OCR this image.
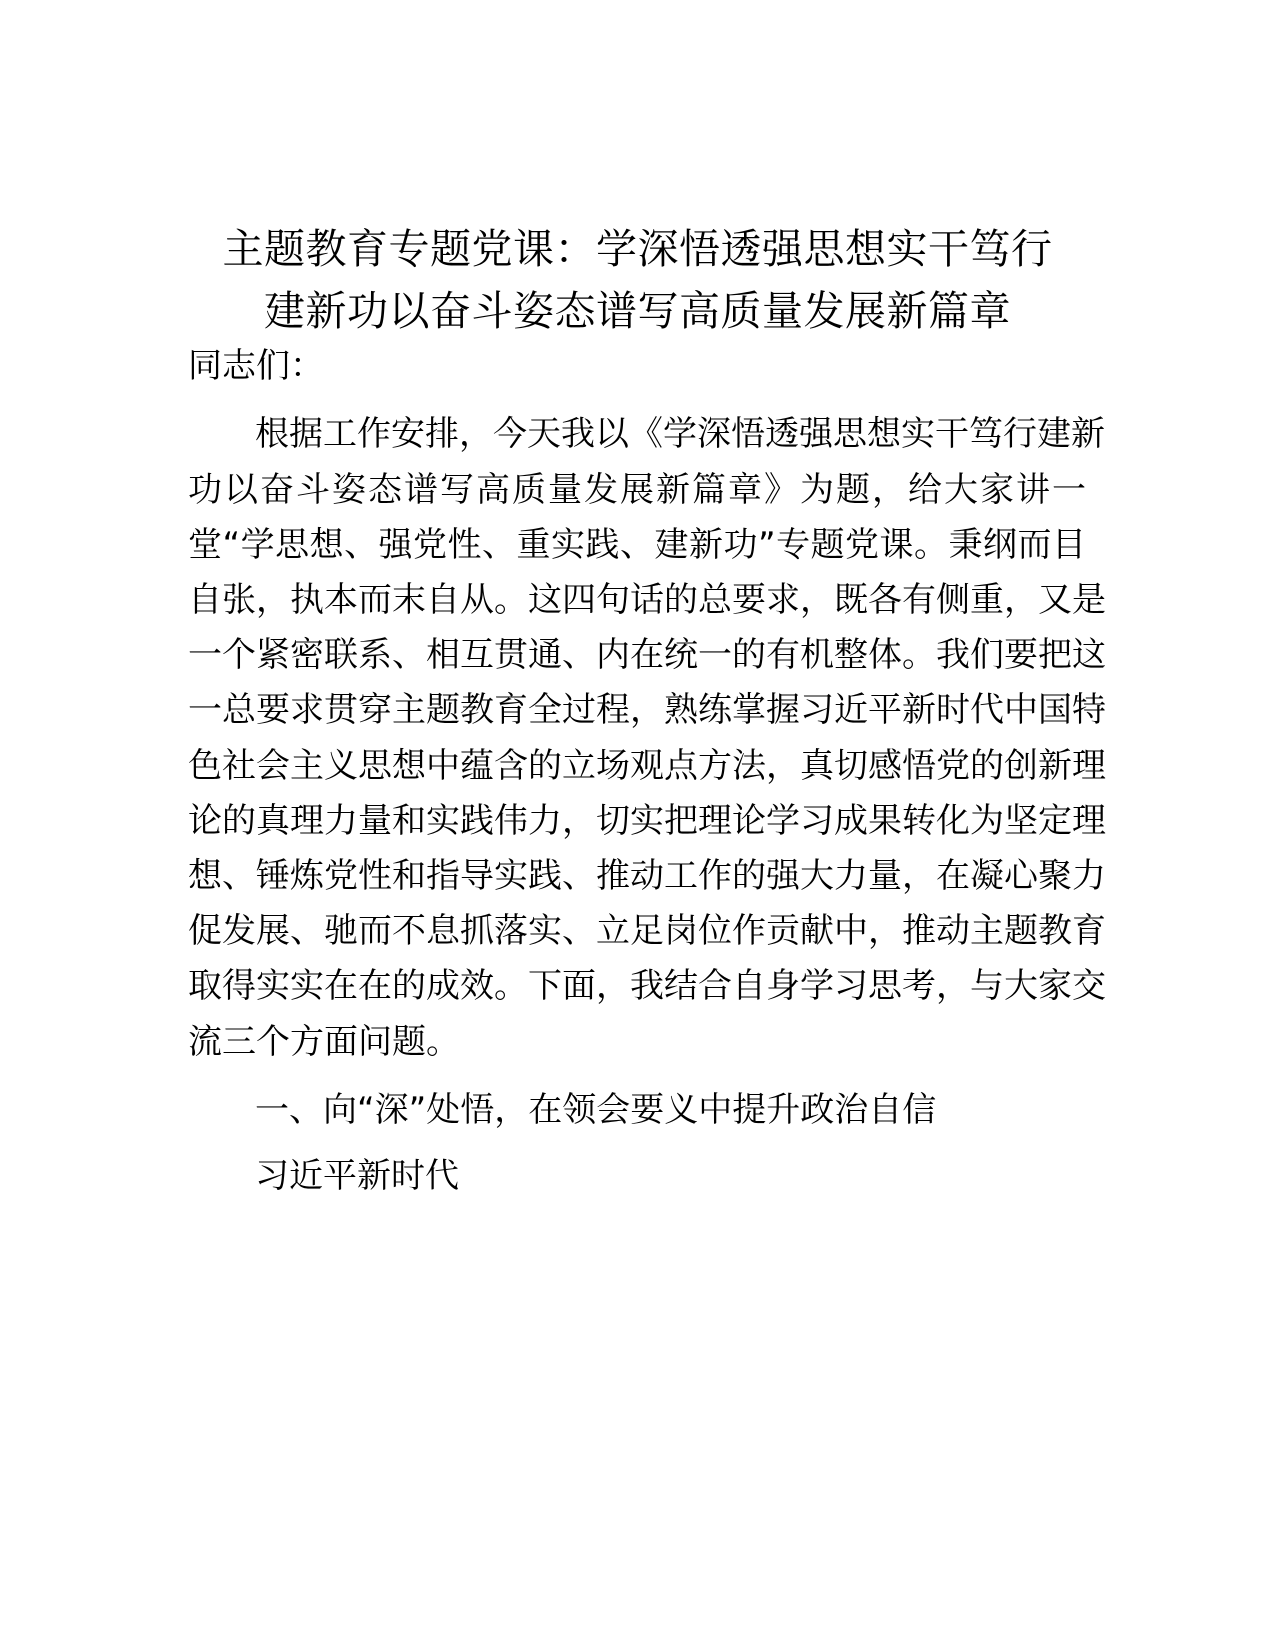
主题教育专题党课：学深悟透强思想实干笃行
建新功以奋斗姿态谱写高质量发展新篇章
同志们：
根据工作安排，今天我以《学深悟透强思想实干笃行建新
功以奋斗姿态谱写高质量发展新篇章》为题，给大家讲一
堂“学思想、强党性、重实践、建新功”专题党课。秉纲而目
自张，执本而末自从。这四句话的总要求，既各有侧重，又是
一个紧密联系、相互贯通、内在统一的有机整体。我们要把这
一总要求贯穿主题教育全过程，熟练掌握习近平新时代中国特
色社会主义思想中蕴含的立场观点方法，真切感悟党的创新理
论的真理力量和实践伟力，切实把理论学习成果转化为坚定理
想、锤炼党性和指导实践、推动工作的强大力量，在凝心聚力
促发展、驰而不息抓落实、立足岗位作贡献中，推动主题教育
取得实实在在的成效。下面，我结合自身学习思考，与大家交
流三个方面问题。
一、向“深”处悟，在领会要义中提升政治自信
习近平新时代
